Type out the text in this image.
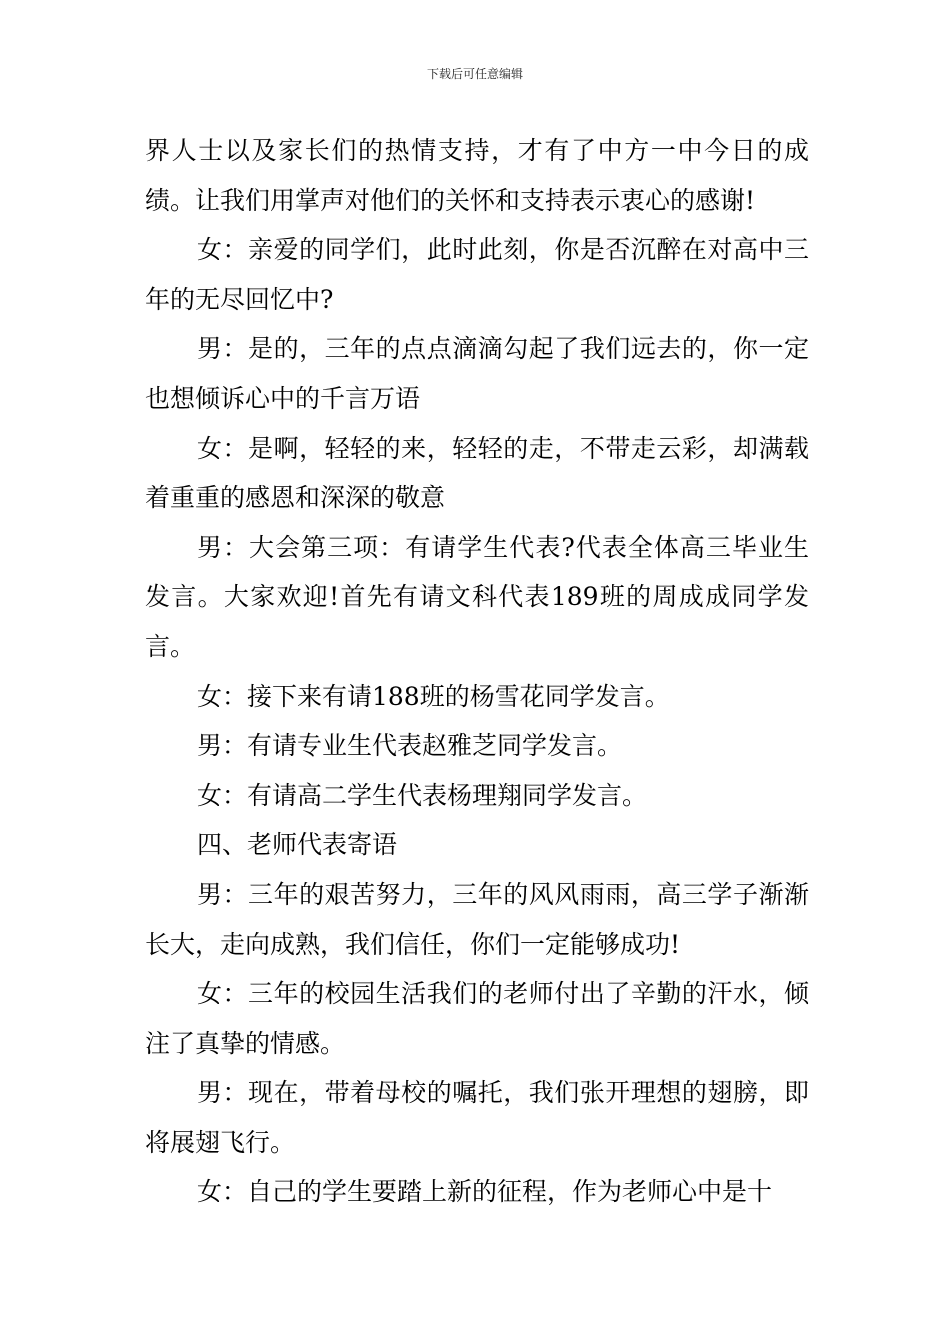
下载后可任意编辑

界人士以及家长们的热情支持，才有了中方一中今日的成绩。让我们用掌声对他们的关怀和支持表示衷心的感谢!

女：亲爱的同学们，此时此刻，你是否沉醉在对高中三年的无尽回忆中?

男：是的，三年的点点滴滴勾起了我们远去的，你一定也想倾诉心中的千言万语

女：是啊，轻轻的来，轻轻的走，不带走云彩，却满载着重重的感恩和深深的敬意

男：大会第三项：有请学生代表?代表全体高三毕业生发言。大家欢迎!首先有请文科代表189班的周成成同学发言。

女：接下来有请188班的杨雪花同学发言。

男：有请专业生代表赵雅芝同学发言。

女：有请高二学生代表杨理翔同学发言。

四、老师代表寄语

男：三年的艰苦努力，三年的风风雨雨，高三学子渐渐长大，走向成熟，我们信任，你们一定能够成功!

女：三年的校园生活我们的老师付出了辛勤的汗水，倾注了真挚的情感。

男：现在，带着母校的嘱托，我们张开理想的翅膀，即将展翅飞行。

女：自己的学生要踏上新的征程，作为老师心中是十
